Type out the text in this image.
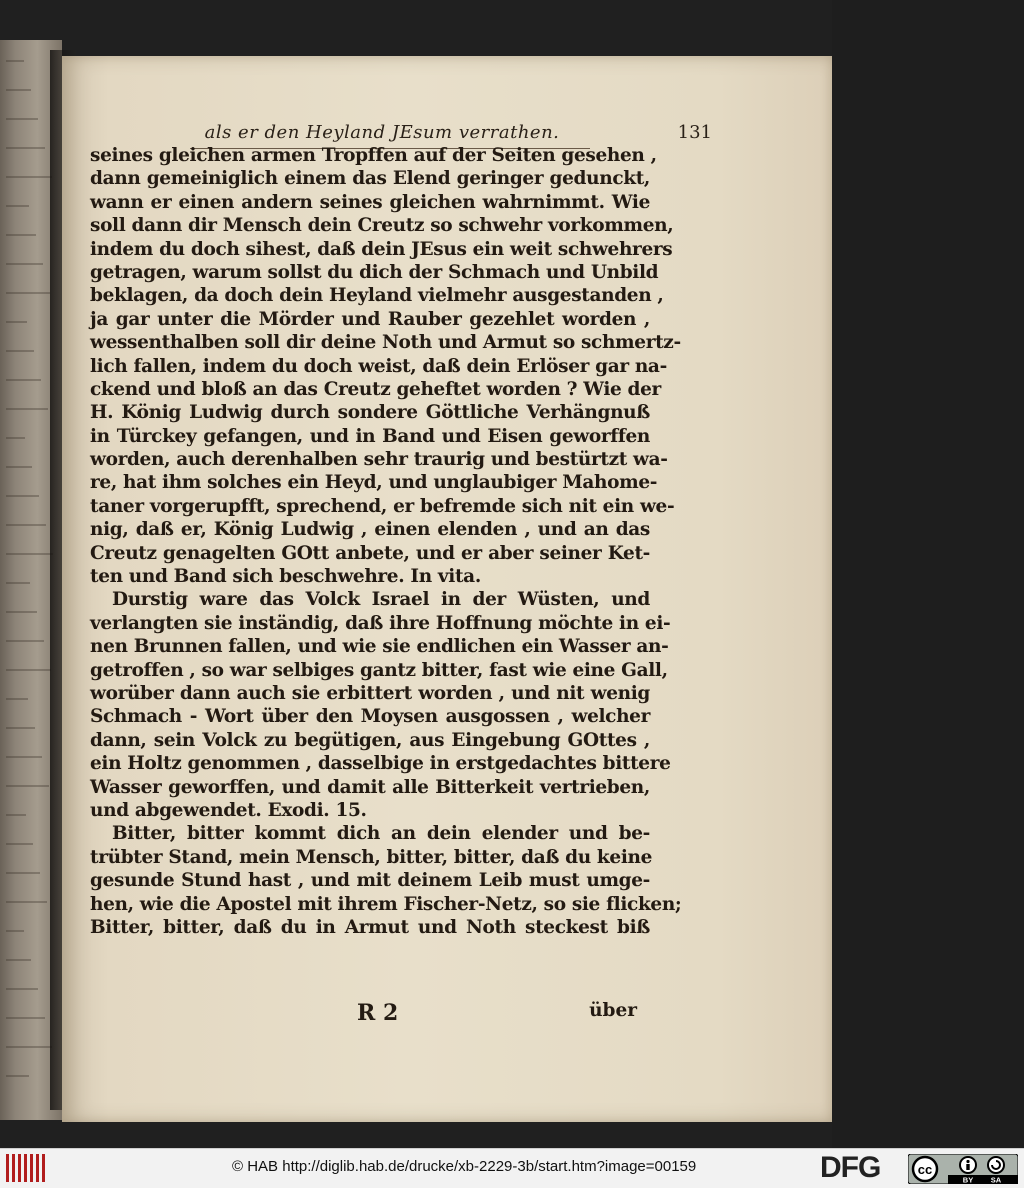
als er den Heyland JEsum verrathen.	131
seines gleichen armen Tropffen auf der Seiten gesehen ,
dann gemeiniglich einem das Elend geringer gedunckt,
wann er einen andern seines gleichen wahrnimmt. Wie
soll dann dir Mensch dein Creutz so schwehr vorkommen,
indem du doch sihest, daß dein JEsus ein weit schwehrers
getragen, warum sollst du dich der Schmach und Unbild
beklagen, da doch dein Heyland vielmehr ausgestanden ,
ja gar unter die Mörder und Rauber gezehlet worden ,
wessenthalben soll dir deine Noth und Armut so schmertz-
lich fallen, indem du doch weist, daß dein Erlöser gar na-
ckend und bloß an das Creutz geheftet worden ? Wie der
H. König Ludwig durch sondere Göttliche Verhängnuß
in Türckey gefangen, und in Band und Eisen geworffen
worden, auch derenhalben sehr traurig und bestürtzt wa-
re, hat ihm solches ein Heyd, und unglaubiger Mahome-
taner vorgerupfft, sprechend, er befremde sich nit ein we-
nig, daß er, König Ludwig , einen elenden , und an das
Creutz genagelten GOtt anbete, und er aber seiner Ket-
ten und Band sich beschwehre. In vita.
Durstig ware das Volck Israel in der Wüsten, und
verlangten sie inständig, daß ihre Hoffnung möchte in ei-
nen Brunnen fallen, und wie sie endlichen ein Wasser an-
getroffen , so war selbiges gantz bitter, fast wie eine Gall,
worüber dann auch sie erbittert worden , und nit wenig
Schmach - Wort über den Moysen ausgossen , welcher
dann, sein Volck zu begütigen, aus Eingebung GOttes ,
ein Holtz genommen , dasselbige in erstgedachtes bittere
Wasser geworffen, und damit alle Bitterkeit vertrieben,
und abgewendet. Exodi. 15.
Bitter, bitter kommt dich an dein elender und be-
trübter Stand, mein Mensch, bitter, bitter, daß du keine
gesunde Stund hast , und mit deinem Leib must umge-
hen, wie die Apostel mit ihrem Fischer-Netz, so sie flicken;
Bitter, bitter, daß du in Armut und Noth steckest biß
R 2	über
© HAB http://diglib.hab.de/drucke/xb-2229-3b/start.htm?image=00159	DFG	cc
BY SA
